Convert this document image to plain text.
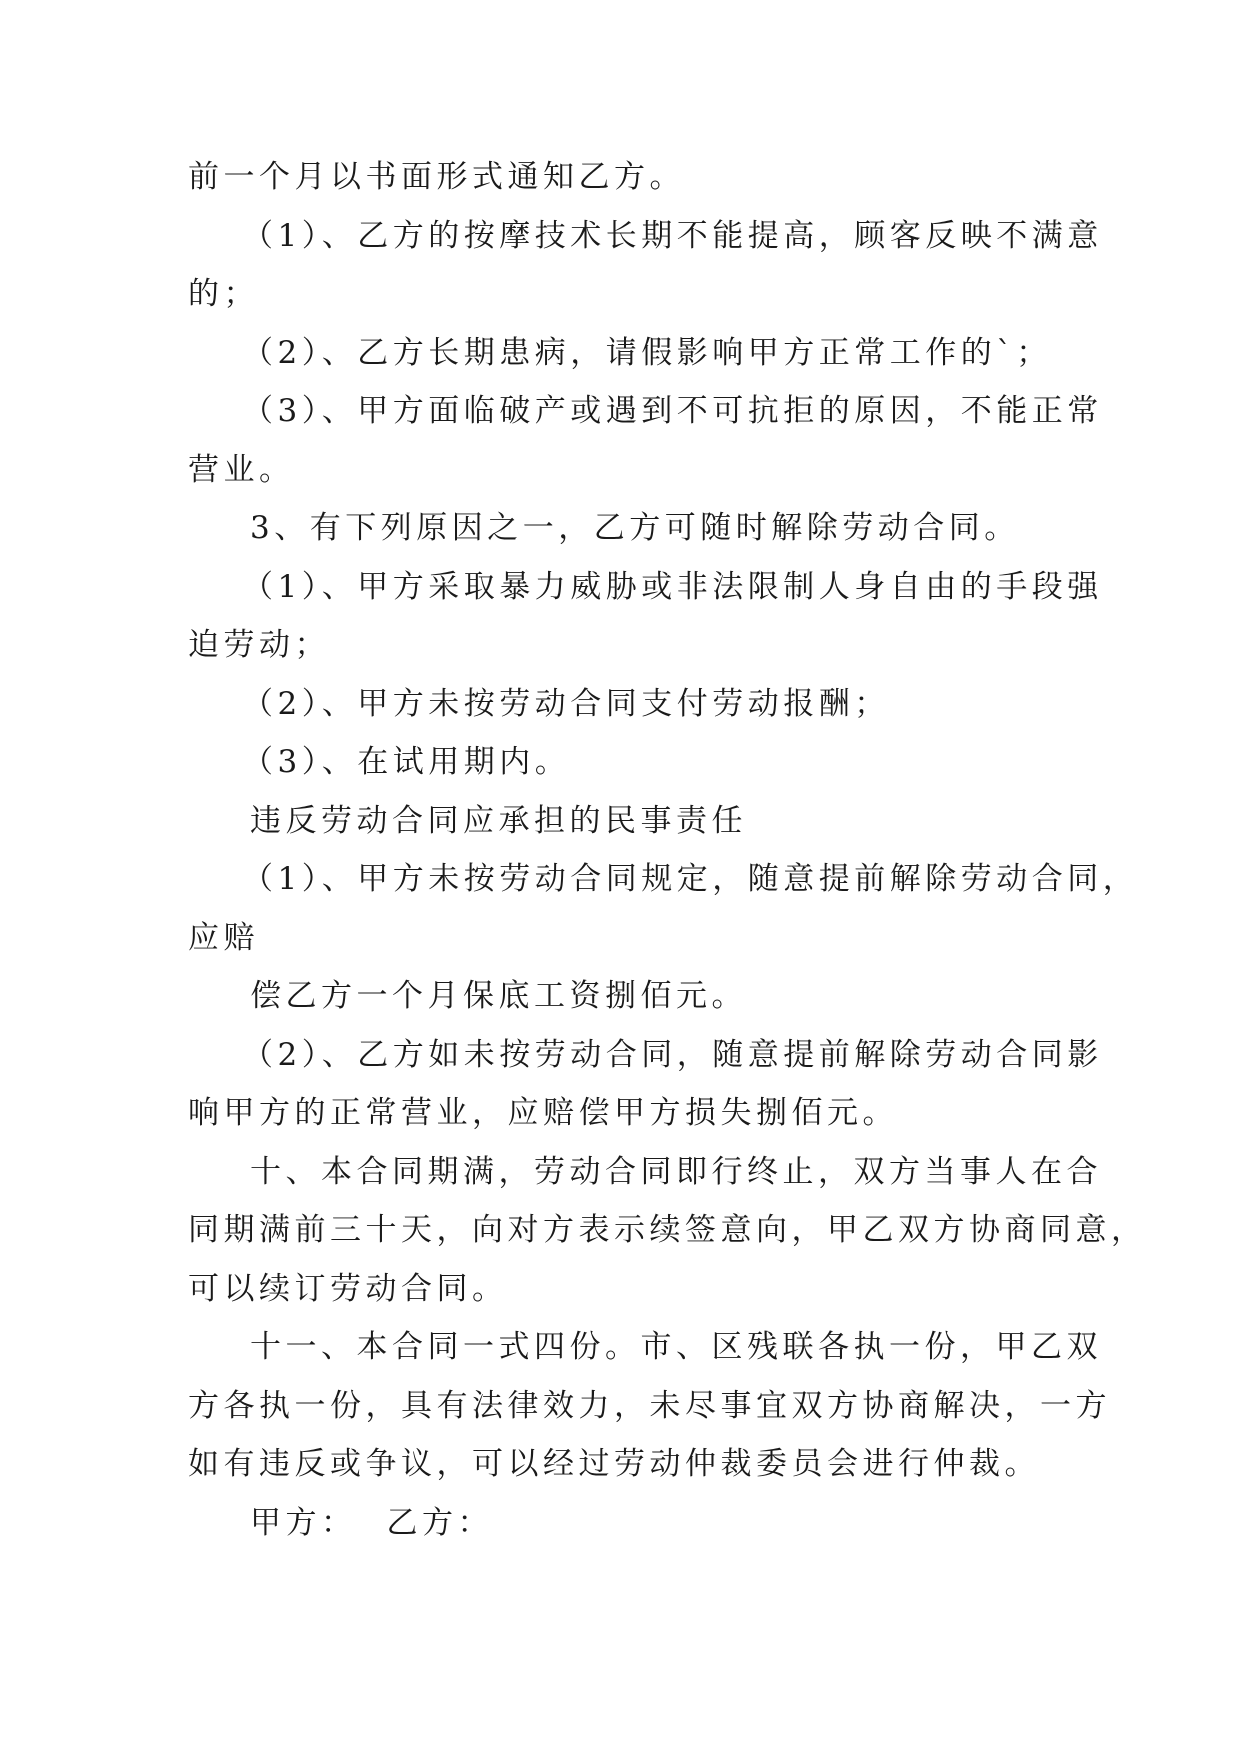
前一个月以书面形式通知乙方。
（1）、乙方的按摩技术长期不能提高，顾客反映不满意
的；
（2）、乙方长期患病，请假影响甲方正常工作的`；
（3）、甲方面临破产或遇到不可抗拒的原因，不能正常
营业。
3、有下列原因之一，乙方可随时解除劳动合同。
（1）、甲方采取暴力威胁或非法限制人身自由的手段强
迫劳动；
（2）、甲方未按劳动合同支付劳动报酬；
（3）、在试用期内。
违反劳动合同应承担的民事责任
（1）、甲方未按劳动合同规定，随意提前解除劳动合同，
应赔
偿乙方一个月保底工资捌佰元。
（2）、乙方如未按劳动合同，随意提前解除劳动合同影
响甲方的正常营业，应赔偿甲方损失捌佰元。
十、本合同期满，劳动合同即行终止，双方当事人在合
同期满前三十天，向对方表示续签意向，甲乙双方协商同意，
可以续订劳动合同。
十一、本合同一式四份。市、区残联各执一份，甲乙双
方各执一份，具有法律效力，未尽事宜双方协商解决，一方
如有违反或争议，可以经过劳动仲裁委员会进行仲裁。
甲方： 乙方：
